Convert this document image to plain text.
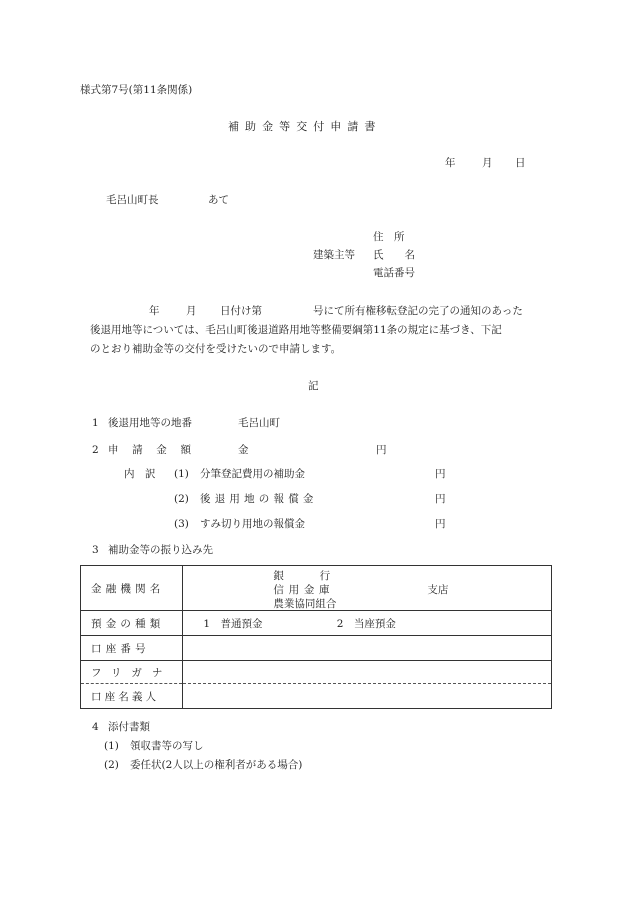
様式第7号(第11条関係)
補助金等交付申請書
年	月 日
毛呂山町長	あて
住　所
建築主等 氏　　名
電話番号
年	月 日付け第	号にて所有権移転登記の完了の通知のあった
後退用地等については、毛呂山町後退道路用地等整備要綱第11条の規定に基づき、下記
のとおり補助金等の交付を受けたいので申請します。
記
1 後退用地等の地番	毛呂山町
2 申請金額	金	円
内　訳 (1) 分筆登記費用の補助金	円
(2) 後退用地の報償金	円
(3) すみ切り用地の報償金	円
3 補助金等の振り込み先
金融機関名	銀　　　行
信用金庫
農業協同組合
支店

預金の種類	1　普通預金 2　当座預金
口座番号	
フリガナ	
口座名義人	
4 添付書類
(1) 領収書等の写し
(2) 委任状(2人以上の権利者がある場合)
